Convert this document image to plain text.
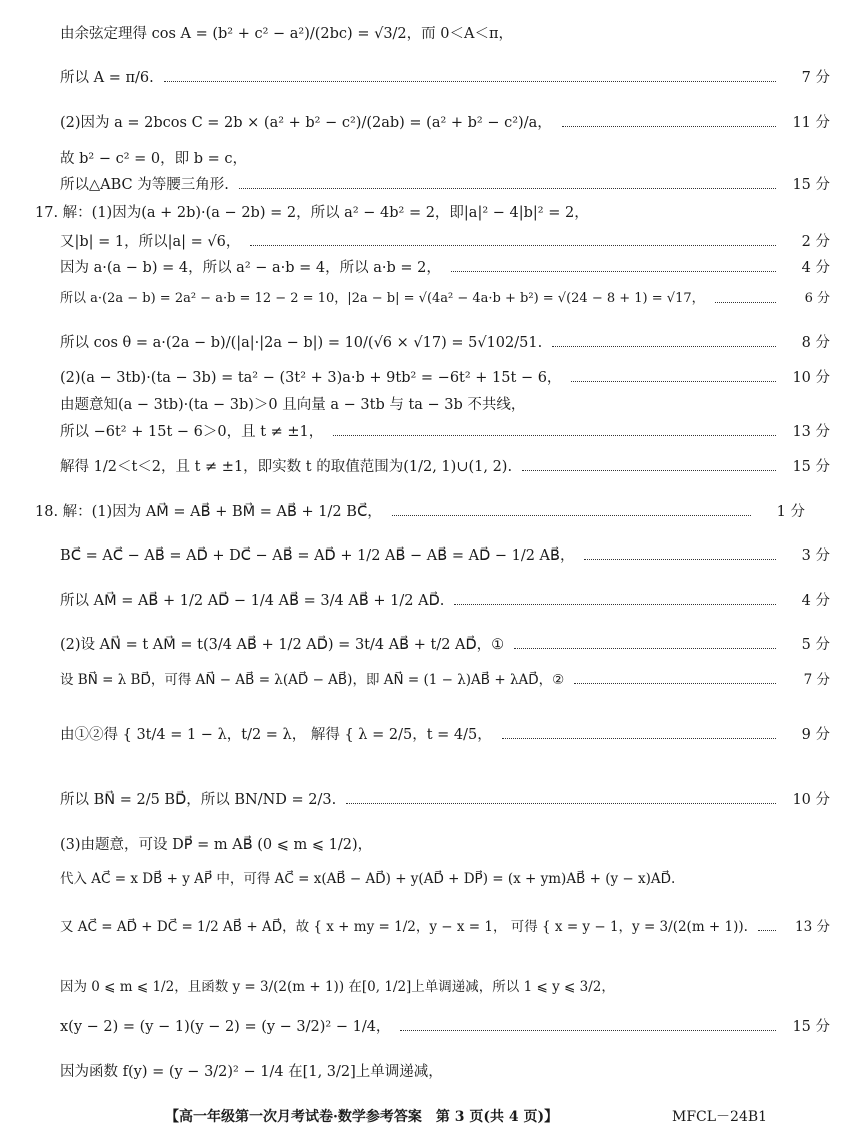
由余弦定理得 cos A = (b² + c² − a²)/(2bc) = √3/2，而 0＜A＜π，
所以 A = π/6.	7 分
(2)因为 a = 2bcos C = 2b × (a² + b² − c²)/(2ab) = (a² + b² − c²)/a，	11 分
故 b² − c² = 0，即 b = c，
所以△ABC 为等腰三角形.	15 分
17. 解：(1)因为(a + 2b)·(a − 2b) = 2，所以 a² − 4b² = 2，即|a|² − 4|b|² = 2，
又|b| = 1，所以|a| = √6，	2 分
因为 a·(a − b) = 4，所以 a² − a·b = 4，所以 a·b = 2，	4 分
所以 a·(2a − b) = 2a² − a·b = 12 − 2 = 10，|2a − b| = √(4a² − 4a·b + b²) = √(24 − 8 + 1) = √17，	6 分
所以 cos θ = a·(2a − b)/(|a|·|2a − b|) = 10/(√6 × √17) = 5√102/51.	8 分
(2)(a − 3tb)·(ta − 3b) = ta² − (3t² + 3)a·b + 9tb² = −6t² + 15t − 6，	10 分
由题意知(a − 3tb)·(ta − 3b)＞0 且向量 a − 3tb 与 ta − 3b 不共线，
所以 −6t² + 15t − 6＞0，且 t ≠ ±1，	13 分
解得 1/2＜t＜2，且 t ≠ ±1，即实数 t 的取值范围为(1/2, 1)∪(1, 2).	15 分
18. 解：(1)因为 AM⃗ = AB⃗ + BM⃗ = AB⃗ + 1/2 BC⃗，	1 分
BC⃗ = AC⃗ − AB⃗ = AD⃗ + DC⃗ − AB⃗ = AD⃗ + 1/2 AB⃗ − AB⃗ = AD⃗ − 1/2 AB⃗，	3 分
所以 AM⃗ = AB⃗ + 1/2 AD⃗ − 1/4 AB⃗ = 3/4 AB⃗ + 1/2 AD⃗.	4 分
(2)设 AN⃗ = t AM⃗ = t(3/4 AB⃗ + 1/2 AD⃗) = 3t/4 AB⃗ + t/2 AD⃗，①	5 分
设 BN⃗ = λ BD⃗，可得 AN⃗ − AB⃗ = λ(AD⃗ − AB⃗)，即 AN⃗ = (1 − λ)AB⃗ + λAD⃗，②	7 分
由①②得 { 3t/4 = 1 − λ，t/2 = λ， 解得 { λ = 2/5，t = 4/5，	9 分
所以 BN⃗ = 2/5 BD⃗，所以 BN/ND = 2/3.	10 分
(3)由题意，可设 DP⃗ = m AB⃗ (0 ⩽ m ⩽ 1/2)，
代入 AC⃗ = x DB⃗ + y AP⃗ 中，可得 AC⃗ = x(AB⃗ − AD⃗) + y(AD⃗ + DP⃗) = (x + ym)AB⃗ + (y − x)AD⃗.
又 AC⃗ = AD⃗ + DC⃗ = 1/2 AB⃗ + AD⃗，故 { x + my = 1/2，y − x = 1， 可得 { x = y − 1，y = 3/(2(m + 1)).	13 分
因为 0 ⩽ m ⩽ 1/2，且函数 y = 3/(2(m + 1)) 在[0, 1/2]上单调递减，所以 1 ⩽ y ⩽ 3/2，
x(y − 2) = (y − 1)(y − 2) = (y − 3/2)² − 1/4，	15 分
因为函数 f(y) = (y − 3/2)² − 1/4 在[1, 3/2]上单调递减，
【高一年级第一次月考试卷·数学参考答案　第 3 页(共 4 页)】	MFCL－24B1
